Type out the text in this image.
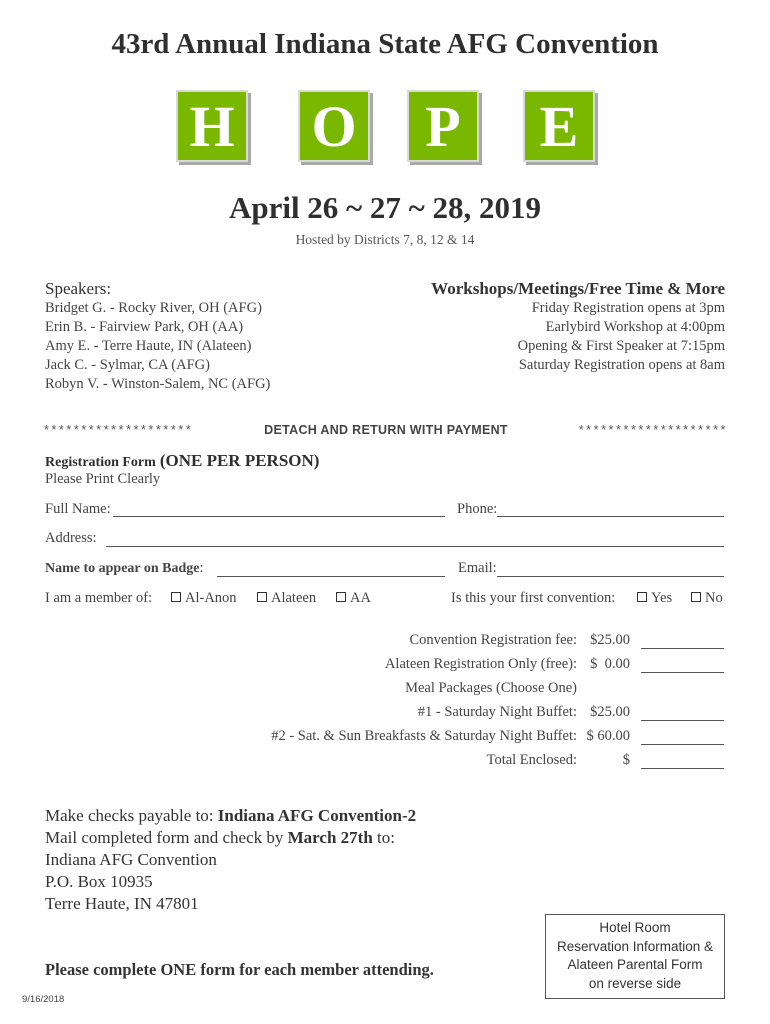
43rd Annual Indiana State AFG Convention
H O	P	E
April 26 ~ 27 ~ 28, 2019
Hosted by Districts 7, 8, 12 & 14
Speakers:
Bridget G. - Rocky River, OH (AFG)
Erin B. - Fairview Park, OH (AA)
Amy E. - Terre Haute, IN (Alateen)
Jack C. - Sylmar, CA (AFG)
Robyn V. - Winston-Salem, NC (AFG)
Workshops/Meetings/Free Time & More
Friday Registration opens at 3pm
Earlybird Workshop at 4:00pm
Opening & First Speaker at 7:15pm
Saturday Registration opens at 8am
********************	DETACH AND RETURN WITH PAYMENT	********************
Registration Form (ONE PER PERSON)
Please Print Clearly
Full Name:	Phone:
Address:
Name to appear on Badge:	Email:
I am a member of:	Al-Anon	Alateen	AA	Is this your first convention:	Yes	No
Convention Registration fee: $25.00
Alateen Registration Only (free): $  0.00
Meal Packages (Choose One)
#1 - Saturday Night Buffet: $25.00
#2 - Sat. & Sun Breakfasts & Saturday Night Buffet: $ 60.00
Total Enclosed:	$
Make checks payable to: Indiana AFG Convention-2
Mail completed form and check by March 27th to:
Indiana AFG Convention
P.O. Box 10935
Terre Haute, IN 47801
Please complete ONE form for each member attending.
Hotel Room
Reservation Information &
Alateen Parental Form
on reverse side
9/16/2018
